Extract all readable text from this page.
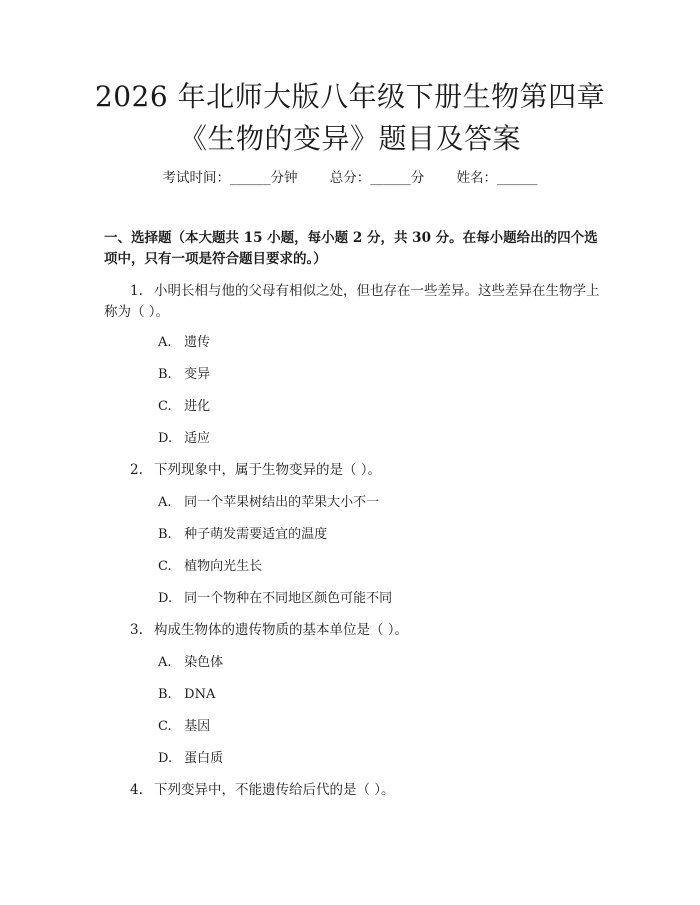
2026 年北师大版八年级下册生物第四章《生物的变异》题目及答案
考试时间：______分钟 总分：______分 姓名：______
一、选择题（本大题共 15 小题，每小题 2 分，共 30 分。在每小题给出的四个选项中，只有一项是符合题目要求的。）
1. 小明长相与他的父母有相似之处，但也存在一些差异。这些差异在生物学上称为（ ）。
A. 遗传
B. 变异
C. 进化
D. 适应
2. 下列现象中，属于生物变异的是（ ）。
A. 同一个苹果树结出的苹果大小不一
B. 种子萌发需要适宜的温度
C. 植物向光生长
D. 同一个物种在不同地区颜色可能不同
3. 构成生物体的遗传物质的基本单位是（ ）。
A. 染色体
B. DNA
C. 基因
D. 蛋白质
4. 下列变异中，不能遗传给后代的是（ ）。
